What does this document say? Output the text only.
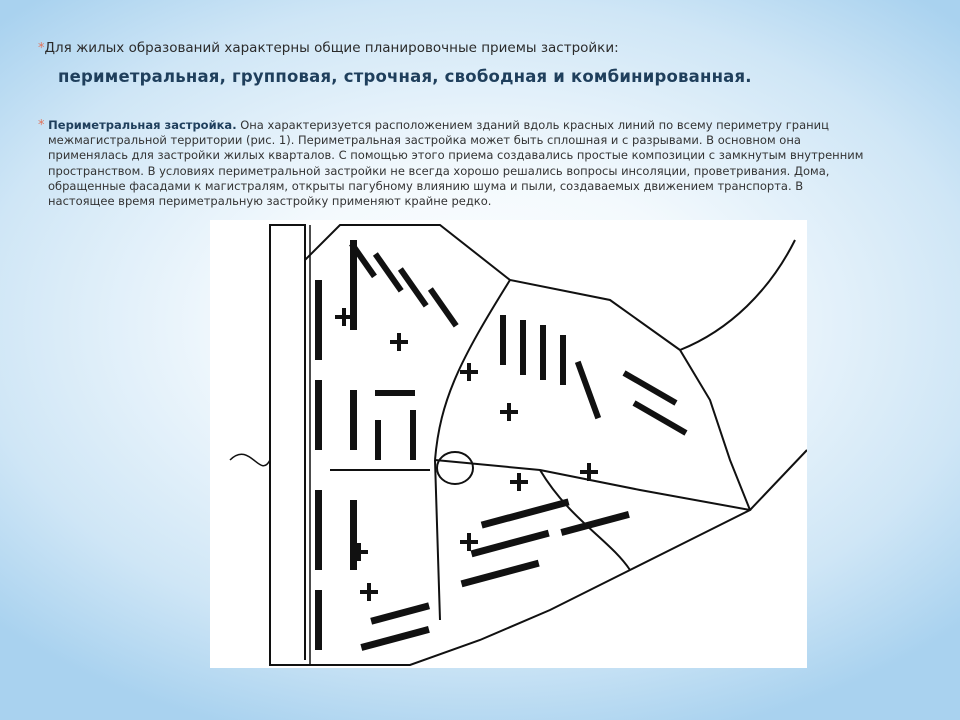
*Для жилых образований характерны общие планировочные приемы застройки:

периметральная, групповая, строчная, свободная и комбинированная.

* Периметральная застройка. Она характеризуется расположением зданий вдоль красных линий по всему периметру границ
межмагистральной территории (рис. 1). Периметральная застройка может быть сплошная и с разрывами. В основном она
применялась для застройки жилых кварталов. С помощью этого приема создавались простые композиции с замкнутым внутренним
пространством. В условиях периметральной застройки не всегда хорошо решались вопросы инсоляции, проветривания. Дома,
обращенные фасадами к магистралям, открыты пагубному влиянию шума и пыли, создаваемых движением транспорта. В
настоящее время периметральную застройку применяют крайне редко.
